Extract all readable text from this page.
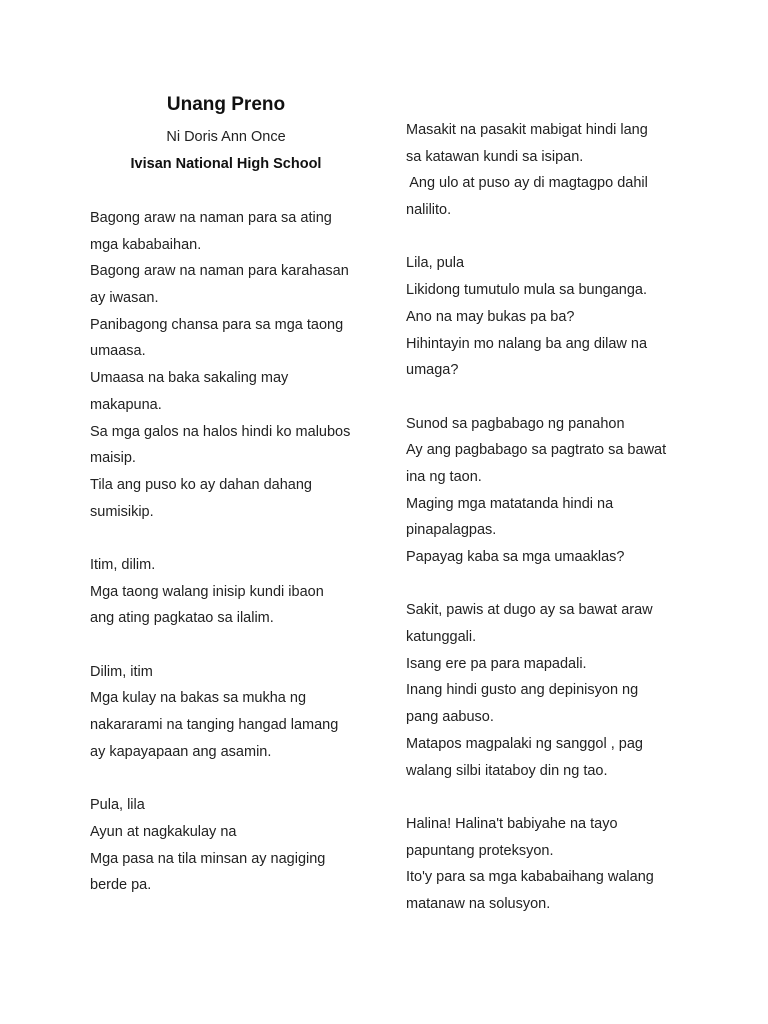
Unang Preno

Ni Doris Ann Once

Ivisan National High School

Bagong araw na naman para sa ating
mga kababaihan.
Bagong araw na naman para karahasan
ay iwasan.
Panibagong chansa para sa mga taong
umaasa.
Umaasa na baka sakaling may
makapuna.
Sa mga galos na halos hindi ko malubos
maisip.
Tila ang puso ko ay dahan dahang
sumisikip.
Itim, dilim.
Mga taong walang inisip kundi ibaon
ang ating pagkatao sa ilalim.
Dilim, itim
Mga kulay na bakas sa mukha ng
nakararami na tanging hangad lamang
ay kapayapaan ang asamin.
Pula, lila
Ayun at nagkakulay na
Mga pasa na tila minsan ay nagiging
berde pa.
Masakit na pasakit mabigat hindi lang
sa katawan kundi sa isipan.
Ang ulo at puso ay di magtagpo dahil
nalilito.
Lila, pula
Likidong tumutulo mula sa bunganga.
Ano na may bukas pa ba?
Hihintayin mo nalang ba ang dilaw na
umaga?
Sunod sa pagbabago ng panahon
Ay ang pagbabago sa pagtrato sa bawat
ina ng taon.
Maging mga matatanda hindi na
pinapalagpas.
Papayag kaba sa mga umaaklas?
Sakit, pawis at dugo ay sa bawat araw
katunggali.
Isang ere pa para mapadali.
Inang hindi gusto ang depinisyon ng
pang aabuso.
Matapos magpalaki ng sanggol , pag
walang silbi itataboy din ng tao.
Halina! Halina't babiyahe na tayo
papuntang proteksyon.
Ito'y para sa mga kababaihang walang
matanaw na solusyon.
